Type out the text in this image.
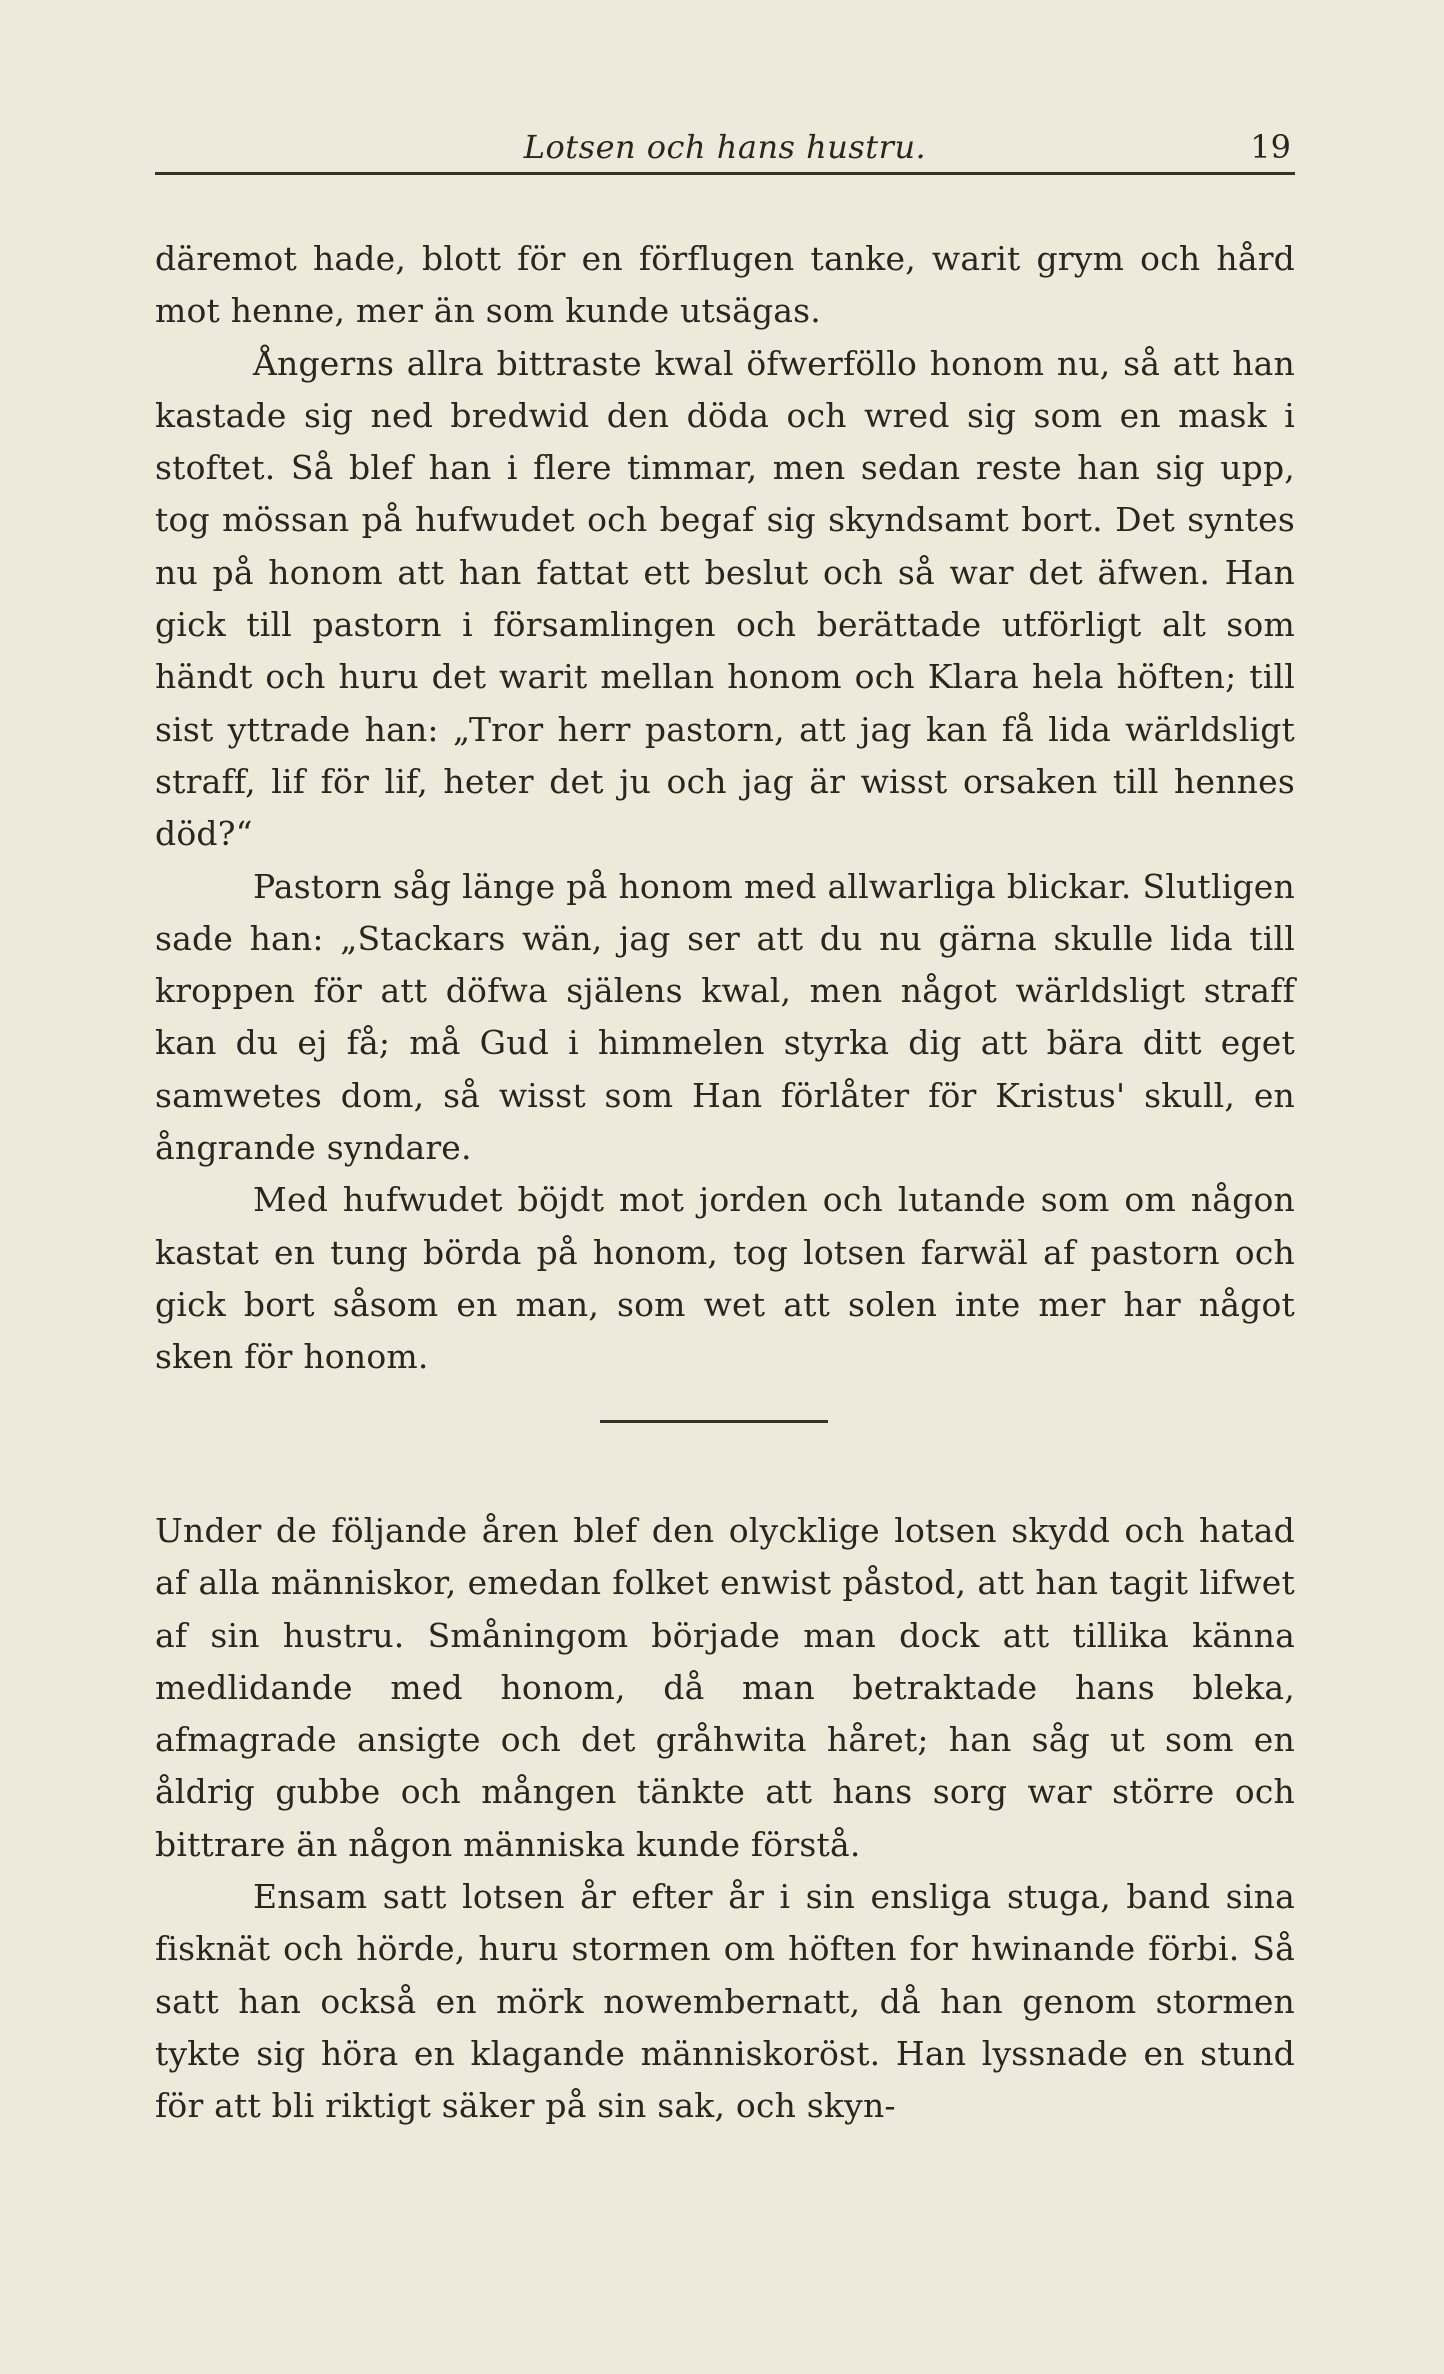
Lotsen och hans hustru.	19

däremot hade, blott för en förflugen tanke, warit grym och hård mot henne, mer än som kunde utsägas.

Ångerns allra bittraste kwal öfwerföllo honom nu, så att han kastade sig ned bredwid den döda och wred sig som en mask i stoftet. Så blef han i flere timmar, men sedan reste han sig upp, tog mössan på hufwudet och begaf sig skyndsamt bort. Det syntes nu på honom att han fattat ett beslut och så war det äfwen. Han gick till pastorn i församlingen och berättade utförligt alt som händt och huru det warit mellan honom och Klara hela höften; till sist yttrade han: „Tror herr pastorn, att jag kan få lida wärldsligt straff, lif för lif, heter det ju och jag är wisst orsaken till hennes död?“

Pastorn såg länge på honom med allwarliga blickar. Slutligen sade han: „Stackars wän, jag ser att du nu gärna skulle lida till kroppen för att döfwa själens kwal, men något wärldsligt straff kan du ej få; må Gud i himmelen styrka dig att bära ditt eget samwetes dom, så wisst som Han förlåter för Kristus' skull, en ångrande syndare.

Med hufwudet böjdt mot jorden och lutande som om någon kastat en tung börda på honom, tog lotsen farwäl af pastorn och gick bort såsom en man, som wet att solen inte mer har något sken för honom.

Under de följande åren blef den olycklige lotsen skydd och hatad af alla människor, emedan folket enwist påstod, att han tagit lifwet af sin hustru. Småningom började man dock att tillika känna medlidande med honom, då man betraktade hans bleka, afmagrade ansigte och det gråhwita håret; han såg ut som en åldrig gubbe och mången tänkte att hans sorg war större och bittrare än någon människa kunde förstå.

Ensam satt lotsen år efter år i sin ensliga stuga, band sina fisknät och hörde, huru stormen om höften for hwinande förbi. Så satt han också en mörk nowembernatt, då han genom stormen tykte sig höra en klagande människoröst. Han lyssnade en stund för att bli riktigt säker på sin sak, och skyn-
